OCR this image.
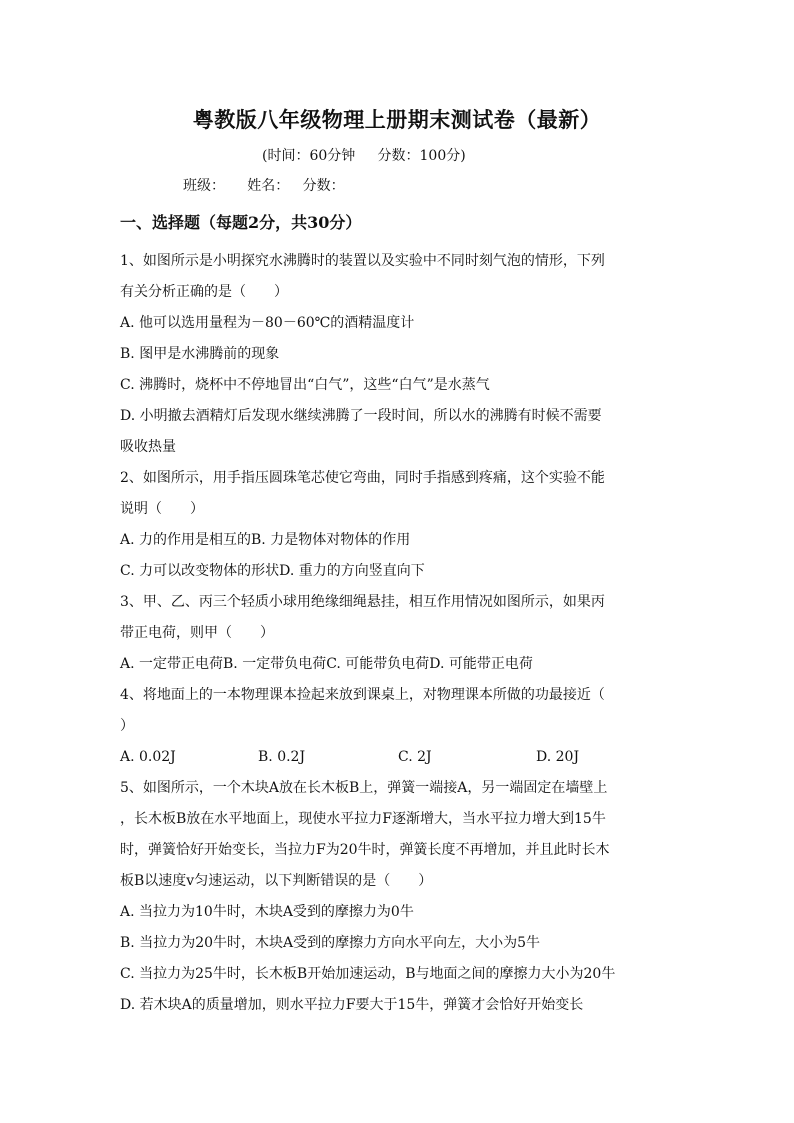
粤教版八年级物理上册期末测试卷（最新）
(时间：60分钟     分数：100分)
班级：     姓名：   分数：
一、选择题（每题2分，共30分）
1、如图所示是小明探究水沸腾时的装置以及实验中不同时刻气泡的情形，下列
有关分析正确的是（　　）
A. 他可以选用量程为－80－60℃的酒精温度计
B. 图甲是水沸腾前的现象
C. 沸腾时，烧杯中不停地冒出“白气”，这些“白气”是水蒸气
D. 小明撤去酒精灯后发现水继续沸腾了一段时间，所以水的沸腾有时候不需要
吸收热量
2、如图所示，用手指压圆珠笔芯使它弯曲，同时手指感到疼痛，这个实验不能
说明（　　）
A. 力的作用是相互的B. 力是物体对物体的作用
C. 力可以改变物体的形状D. 重力的方向竖直向下
3、甲、乙、丙三个轻质小球用绝缘细绳悬挂，相互作用情况如图所示，如果丙
带正电荷，则甲（　　）
A. 一定带正电荷B. 一定带负电荷C. 可能带负电荷D. 可能带正电荷
4、将地面上的一本物理课本捡起来放到课桌上，对物理课本所做的功最接近（
）
A. 0.02J	B. 0.2J	C. 2J	D. 20J
5、如图所示，一个木块A放在长木板B上，弹簧一端接A，另一端固定在墙壁上
，长木板B放在水平地面上，现使水平拉力F逐渐增大，当水平拉力增大到15牛
时，弹簧恰好开始变长，当拉力F为20牛时，弹簧长度不再增加，并且此时长木
板B以速度v匀速运动，以下判断错误的是（　　）
A. 当拉力为10牛时，木块A受到的摩擦力为0牛
B. 当拉力为20牛时，木块A受到的摩擦力方向水平向左，大小为5牛
C. 当拉力为25牛时，长木板B开始加速运动，B与地面之间的摩擦力大小为20牛
D. 若木块A的质量增加，则水平拉力F要大于15牛，弹簧才会恰好开始变长
